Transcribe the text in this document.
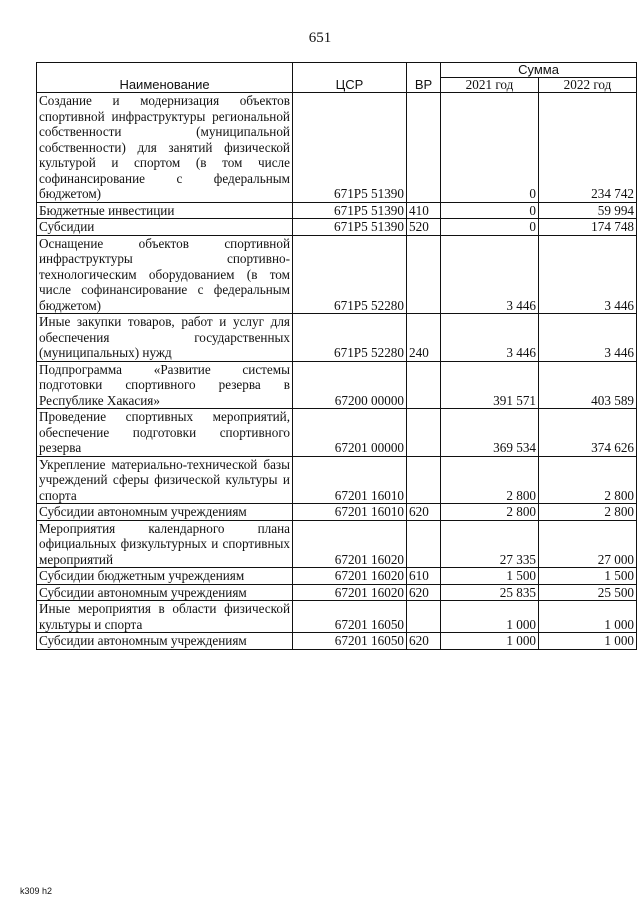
651
Наименование	ЦСР	ВР	Сумма	
			2021 год	2022 год
Создание и модернизация объектов спортивной инфраструктуры региональной собственности (муниципальной собственности) для занятий физической культурой и спортом (в том числе софинансирование с федеральным бюджетом)	671P5 51390		0	234 742
Бюджетные инвестиции	671P5 51390	410	0	59 994
Субсидии	671P5 51390	520	0	174 748
Оснащение объектов спортивной инфраструктуры спортивно-технологическим оборудованием (в том числе софинансирование с федеральным бюджетом)	671P5 52280		3 446	3 446
Иные закупки товаров, работ и услуг для обеспечения государственных (муниципальных) нужд	671P5 52280	240	3 446	3 446
Подпрограмма «Развитие системы подготовки спортивного резерва в Республике Хакасия»	67200 00000		391 571	403 589
Проведение спортивных мероприятий, обеспечение подготовки спортивного резерва	67201 00000		369 534	374 626
Укрепление материально-технической базы учреждений сферы физической культуры и спорта	67201 16010		2 800	2 800
Субсидии автономным учреждениям	67201 16010	620	2 800	2 800
Мероприятия календарного плана официальных физкультурных и спортивных мероприятий	67201 16020		27 335	27 000
Субсидии бюджетным учреждениям	67201 16020	610	1 500	1 500
Субсидии автономным учреждениям	67201 16020	620	25 835	25 500
Иные мероприятия в области физической культуры и спорта	67201 16050		1 000	1 000
Субсидии автономным учреждениям	67201 16050	620	1 000	1 000
k309 h2
